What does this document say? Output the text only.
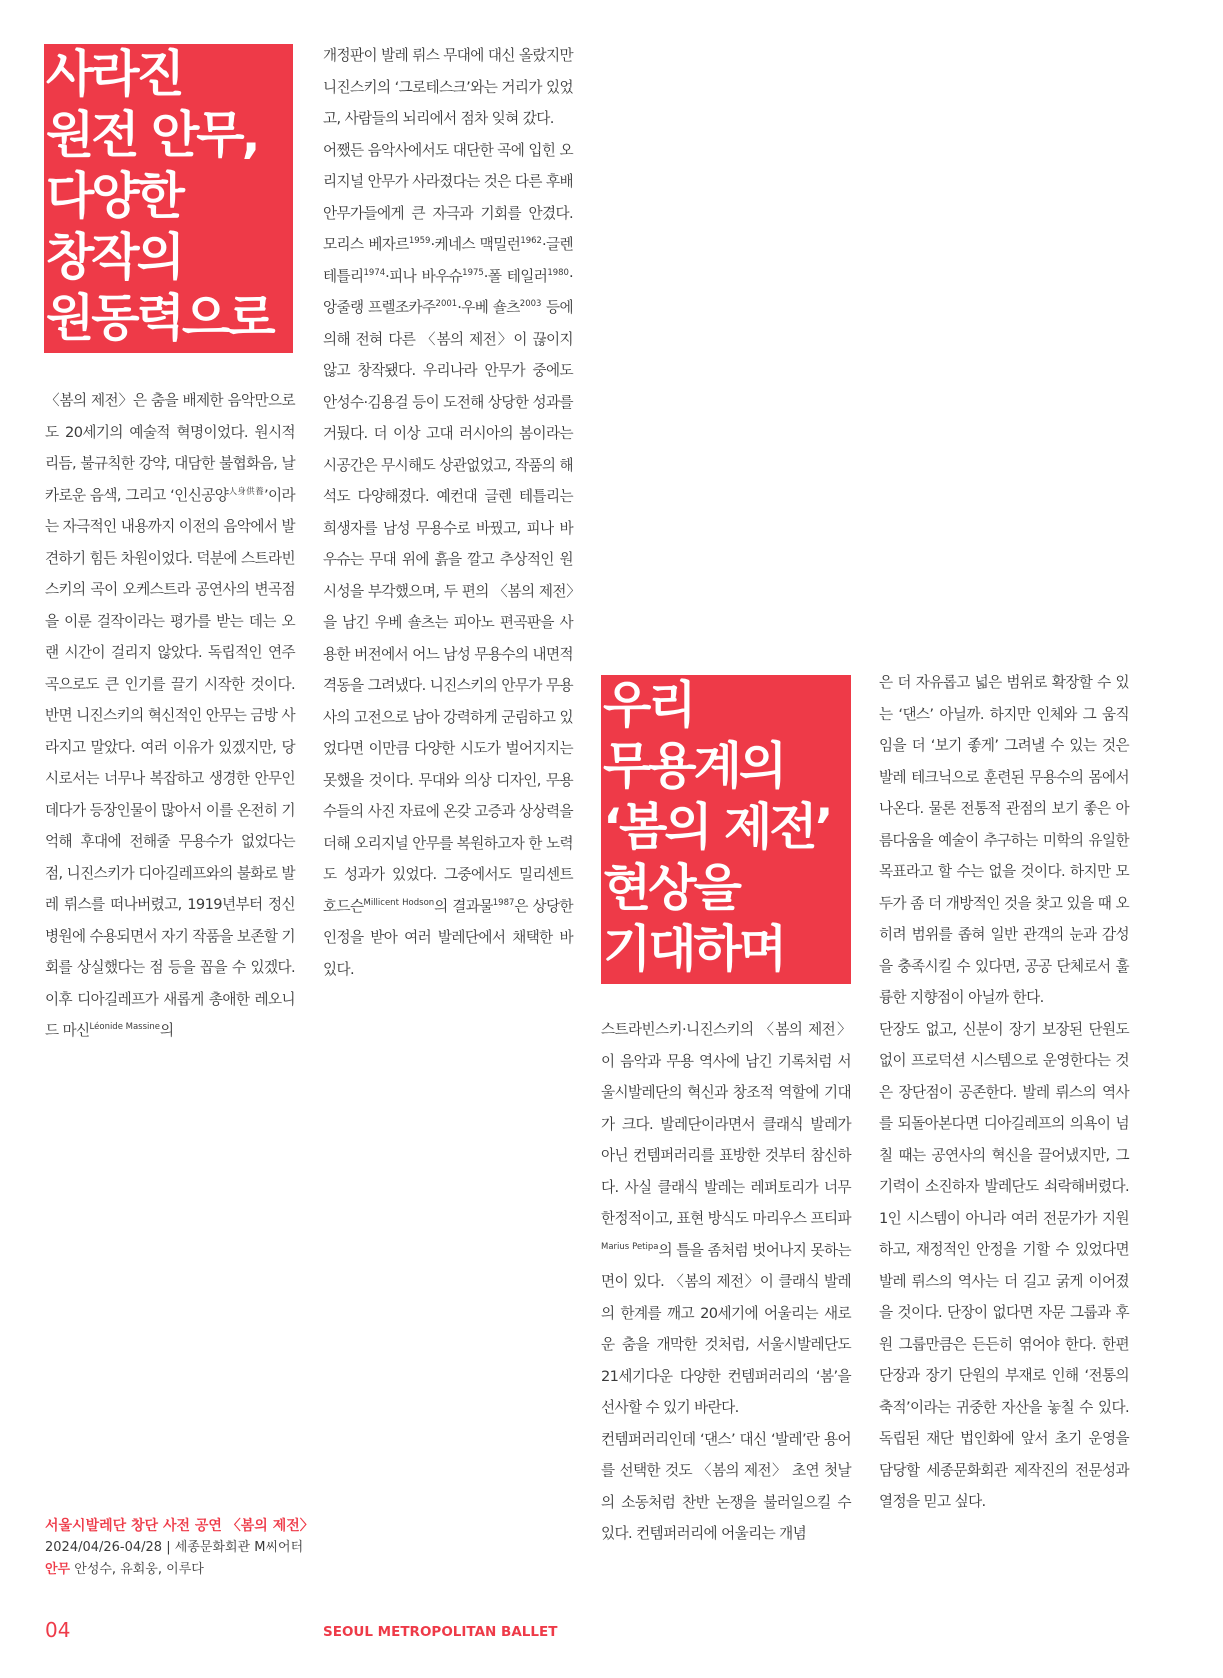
사라진
원전 안무,
다양한
창작의
원동력으로

〈봄의 제전〉은 춤을 배제한 음악만으로도 20세기의 예술적 혁명이었다. 원시적 리듬, 불규칙한 강약, 대담한 불협화음, 날카로운 음색, 그리고 ‘인신공양$^{人身供養}$’이라는 자극적인 내용까지 이전의 음악에서 발견하기 힘든 차원이었다. 덕분에 스트라빈스키의 곡이 오케스트라 공연사의 변곡점을 이룬 걸작이라는 평가를 받는 데는 오랜 시간이 걸리지 않았다. 독립적인 연주곡으로도 큰 인기를 끌기 시작한 것이다. 반면 니진스키의 혁신적인 안무는 금방 사라지고 말았다. 여러 이유가 있겠지만, 당시로서는 너무나 복잡하고 생경한 안무인 데다가 등장인물이 많아서 이를 온전히 기억해 후대에 전해줄 무용수가 없었다는 점, 니진스키가 디아길레프와의 불화로 발레 뤼스를 떠나버렸고, 1919년부터 정신병원에 수용되면서 자기 작품을 보존할 기회를 상실했다는 점 등을 꼽을 수 있겠다. 이후 디아길레프가 새롭게 총애한 레오니드 마신$^{Léonide Massine}$의

개정판이 발레 뤼스 무대에 대신 올랐지만 니진스키의 ‘그로테스크’와는 거리가 있었고, 사람들의 뇌리에서 점차 잊혀 갔다.

어쨌든 음악사에서도 대단한 곡에 입힌 오리지널 안무가 사라졌다는 것은 다른 후배 안무가들에게 큰 자극과 기회를 안겼다. 모리스 베자르$^{1959}$·케네스 맥밀런$^{1962}$·글렌 테틀리$^{1974}$·피나 바우슈$^{1975}$·폴 테일러$^{1980}$·앙줄랭 프렐조카주$^{2001}$·우베 숄츠$^{2003}$ 등에 의해 전혀 다른 〈봄의 제전〉이 끊이지 않고 창작됐다. 우리나라 안무가 중에도 안성수·김용걸 등이 도전해 상당한 성과를 거뒀다. 더 이상 고대 러시아의 봄이라는 시공간은 무시해도 상관없었고, 작품의 해석도 다양해졌다. 예컨대 글렌 테틀리는 희생자를 남성 무용수로 바꿨고, 피나 바우슈는 무대 위에 흙을 깔고 추상적인 원시성을 부각했으며, 두 편의 〈봄의 제전〉을 남긴 우베 숄츠는 피아노 편곡판을 사용한 버전에서 어느 남성 무용수의 내면적 격동을 그려냈다. 니진스키의 안무가 무용사의 고전으로 남아 강력하게 군림하고 있었다면 이만큼 다양한 시도가 벌어지지는 못했을 것이다. 무대와 의상 디자인, 무용수들의 사진 자료에 온갖 고증과 상상력을 더해 오리지널 안무를 복원하고자 한 노력도 성과가 있었다. 그중에서도 밀리센트 호드슨$^{Millicent Hodson}$의 결과물$^{1987}$은 상당한 인정을 받아 여러 발레단에서 채택한 바 있다.

우리
무용계의
‘봄의 제전’
현상을
기대하며

스트라빈스키·니진스키의 〈봄의 제전〉이 음악과 무용 역사에 남긴 기록처럼 서울시발레단의 혁신과 창조적 역할에 기대가 크다. 발레단이라면서 클래식 발레가 아닌 컨템퍼러리를 표방한 것부터 참신하다. 사실 클래식 발레는 레퍼토리가 너무 한정적이고, 표현 방식도 마리우스 프티파$^{Marius Petipa}$의 틀을 좀처럼 벗어나지 못하는 면이 있다. 〈봄의 제전〉이 클래식 발레의 한계를 깨고 20세기에 어울리는 새로운 춤을 개막한 것처럼, 서울시발레단도 21세기다운 다양한 컨템퍼러리의 ‘봄’을 선사할 수 있기 바란다.

컨템퍼러리인데 ‘댄스’ 대신 ‘발레’란 용어를 선택한 것도 〈봄의 제전〉 초연 첫날의 소동처럼 찬반 논쟁을 불러일으킬 수 있다. 컨템퍼러리에 어울리는 개념

은 더 자유롭고 넓은 범위로 확장할 수 있는 ‘댄스’ 아닐까. 하지만 인체와 그 움직임을 더 ‘보기 좋게’ 그려낼 수 있는 것은 발레 테크닉으로 훈련된 무용수의 몸에서 나온다. 물론 전통적 관점의 보기 좋은 아름다움을 예술이 추구하는 미학의 유일한 목표라고 할 수는 없을 것이다. 하지만 모두가 좀 더 개방적인 것을 찾고 있을 때 오히려 범위를 좁혀 일반 관객의 눈과 감성을 충족시킬 수 있다면, 공공 단체로서 훌륭한 지향점이 아닐까 한다.

단장도 없고, 신분이 장기 보장된 단원도 없이 프로덕션 시스템으로 운영한다는 것은 장단점이 공존한다. 발레 뤼스의 역사를 되돌아본다면 디아길레프의 의욕이 넘칠 때는 공연사의 혁신을 끌어냈지만, 그 기력이 소진하자 발레단도 쇠락해버렸다. 1인 시스템이 아니라 여러 전문가가 지원하고, 재정적인 안정을 기할 수 있었다면 발레 뤼스의 역사는 더 길고 굵게 이어졌을 것이다. 단장이 없다면 자문 그룹과 후원 그룹만큼은 든든히 엮어야 한다. 한편 단장과 장기 단원의 부재로 인해 ‘전통의 축적’이라는 귀중한 자산을 놓칠 수 있다. 독립된 재단 법인화에 앞서 초기 운영을 담당할 세종문화회관 제작진의 전문성과 열정을 믿고 싶다.

서울시발레단 창단 사전 공연 〈봄의 제전〉
2024/04/26-04/28 | 세종문화회관 M씨어터
안무 안성수, 유회웅, 이루다
04	SEOUL METROPOLITAN BALLET
